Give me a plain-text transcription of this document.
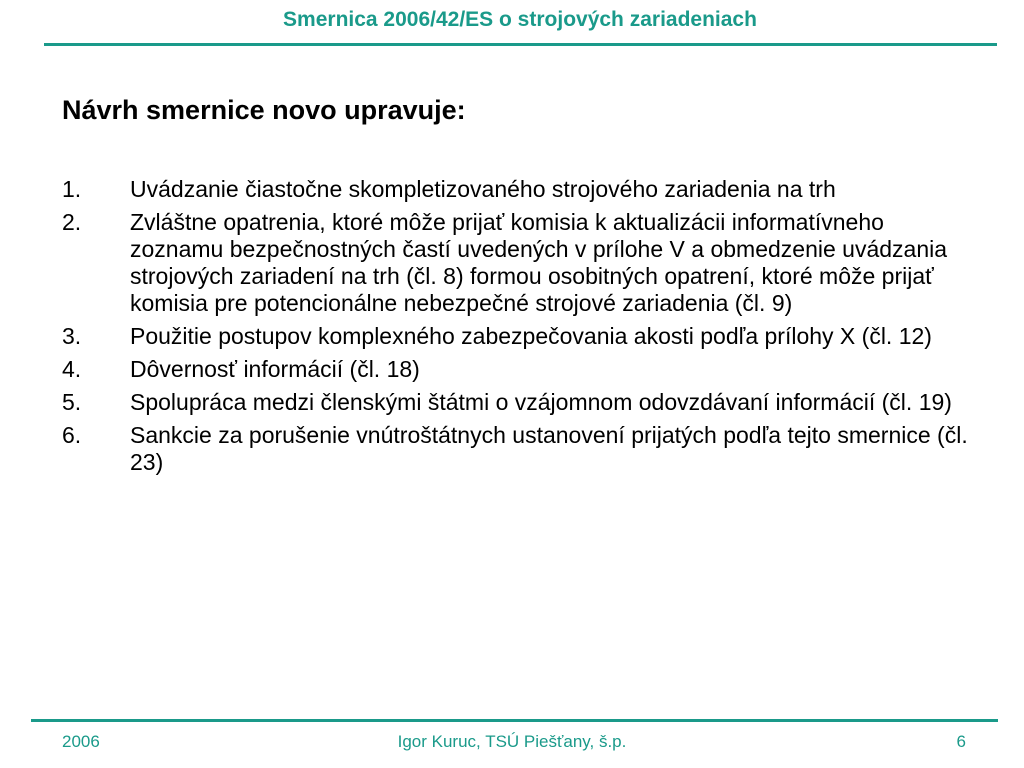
Smernica 2006/42/ES o strojových zariadeniach
Návrh smernice novo upravuje:
1.	Uvádzanie čiastočne skompletizovaného strojového zariadenia na trh
2.	Zvláštne opatrenia, ktoré môže prijať komisia k aktualizácii informatívneho zoznamu bezpečnostných častí uvedených v prílohe V a obmedzenie uvádzania strojových zariadení na trh (čl. 8) formou osobitných opatrení, ktoré môže prijať komisia pre potencionálne nebezpečné strojové zariadenia (čl. 9)
3.	Použitie postupov komplexného zabezpečovania akosti podľa prílohy X (čl. 12)
4.	Dôvernosť informácií (čl. 18)
5.	Spolupráca medzi členskými štátmi o vzájomnom odovzdávaní informácií (čl. 19)
6.	Sankcie za porušenie vnútroštátnych ustanovení prijatých podľa tejto smernice (čl. 23)
2006	Igor Kuruc, TSÚ Piešťany, š.p.	6
